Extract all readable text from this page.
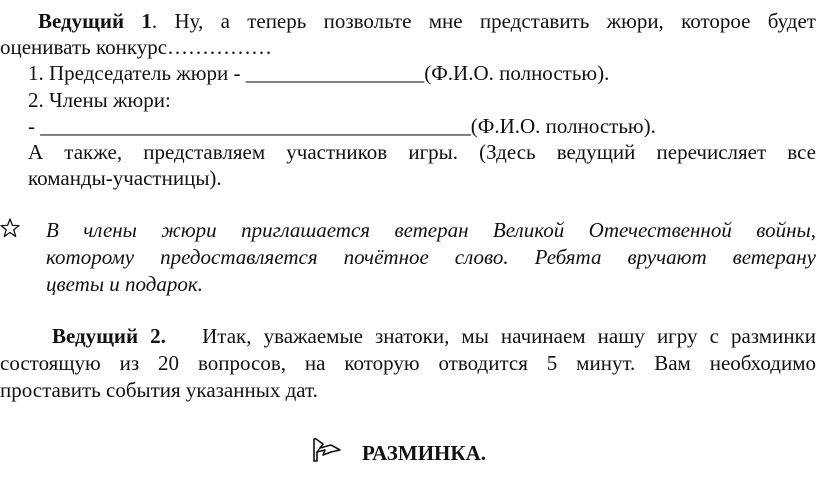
Ведущий 1. Ну, а теперь позвольте мне представить жюри, которое будет
оценивать конкурс……………
1. Председатель жюри - _________________(Ф.И.О. полностью).
2. Члены жюри:
- _________________________________________(Ф.И.О. полностью).
А также, представляем участников игры. (Здесь ведущий перечисляет все
команды-участницы).
В члены жюри приглашается ветеран Великой Отечественной войны,
которому предоставляется почётное слово. Ребята вручают ветерану
цветы и подарок.
Ведущий 2. Итак, уважаемые знатоки, мы начинаем нашу игру с разминки
состоящую из 20 вопросов, на которую отводится 5 минут. Вам необходимо
проставить события указанных дат.
РАЗМИНКА.
